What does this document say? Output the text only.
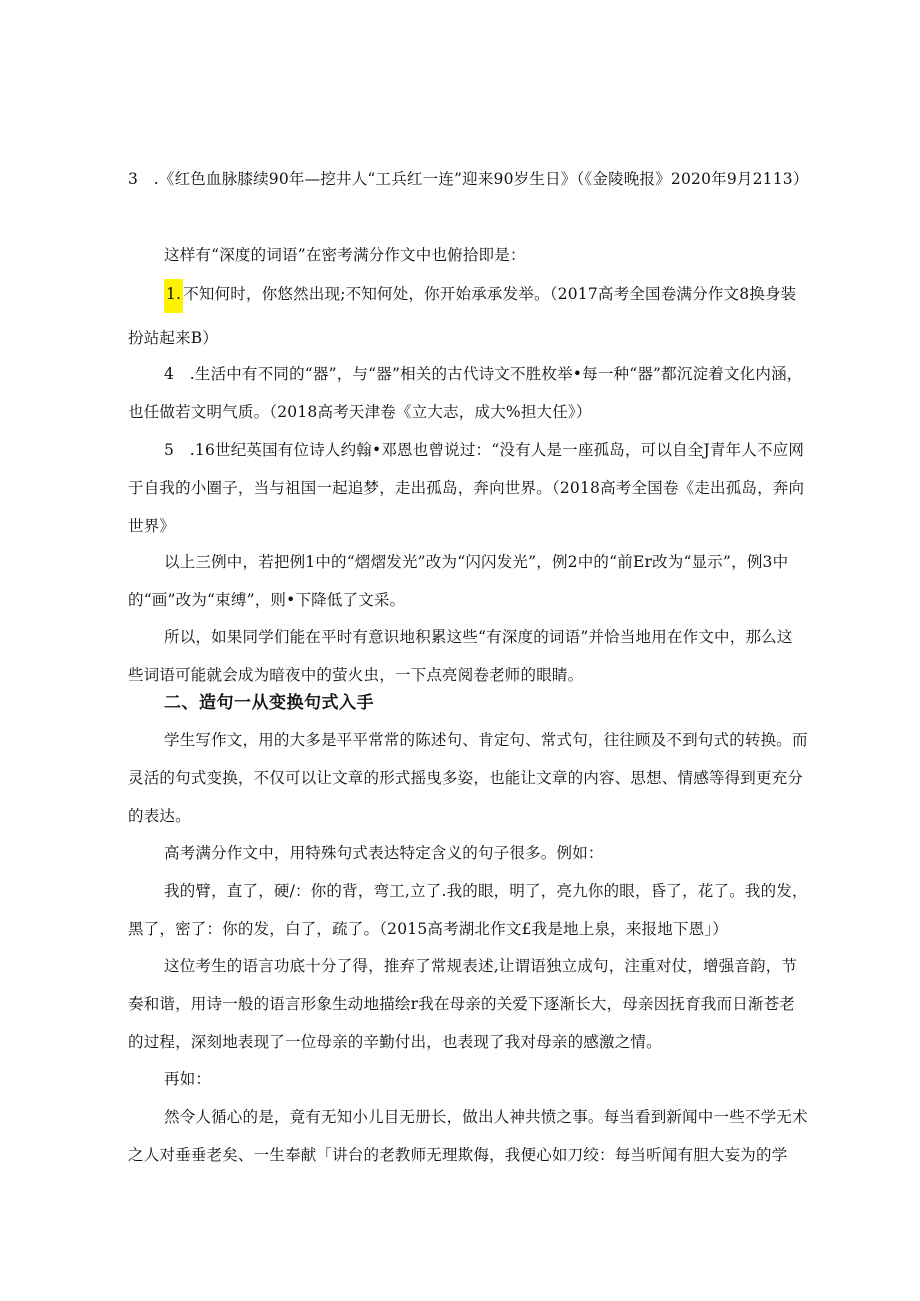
3　.《红色血脉膝续90年—挖井人“工兵红一连”迎来90岁生日》（《金陵晚报》2020年9月2113）
这样有“深度的词语”在密考满分作文中也俯拾即是：
1. 不知何时，你悠然出现;不知何处，你开始承承发举。（2017高考全国卷满分作文8换身装扮站起来B）
4　.生活中有不同的“器”，与“器”相关的古代诗文不胜枚举•每一种“器”都沉淀着文化内涵，也任做若文明气质。（2018高考天津卷《立大志，成大%担大任》）
5　.16世纪英国有位诗人约翰•邓恩也曾说过：“没有人是一座孤岛，可以自全J青年人不应网于自我的小圈子，当与祖国一起追梦，走出孤岛，奔向世界。（2018高考全国卷《走出孤岛，奔向世界》
以上三例中，若把例1中的“熠熠发光”改为“闪闪发光”，例2中的“前Er改为“显示”，例3中的“画”改为“束缚”，则•下降低了文采。
所以，如果同学们能在平时有意识地积累这些“有深度的词语”并恰当地用在作文中，那么这些词语可能就会成为暗夜中的萤火虫，一下点亮阅卷老师的眼睛。
二、造句一从变换句式入手
学生写作文，用的大多是平平常常的陈述句、肯定句、常式句，往往顾及不到句式的转换。而灵活的句式变换，不仅可以让文章的形式摇曳多姿，也能让文章的内容、思想、情感等得到更充分的表达。
高考满分作文中，用特殊句式表达特定含义的句子很多。例如：
我的臂，直了，硬/：你的背，弯工,立了.我的眼，明了，亮九你的眼，昏了，花了。我的发，黑了，密了：你的发，白了，疏了。（2015高考湖北作文£我是地上泉，来报地下恩」）
这位考生的语言功底十分了得，推弃了常规表述,让谓语独立成句，注重对仗，增强音韵，节奏和谐，用诗一般的语言形象生动地描绘r我在母亲的关爱下逐渐长大，母亲因抚育我而日渐苍老的过程，深刻地表现了一位母亲的辛勤付出，也表现了我对母亲的感激之情。
再如：
然令人循心的是，竟有无知小儿目无册长，做出人神共愤之事。每当看到新闻中一些不学无术之人对垂垂老矣、一生奉献「讲台的老教师无理欺侮，我便心如刀绞：每当听闻有胆大妄为的学
